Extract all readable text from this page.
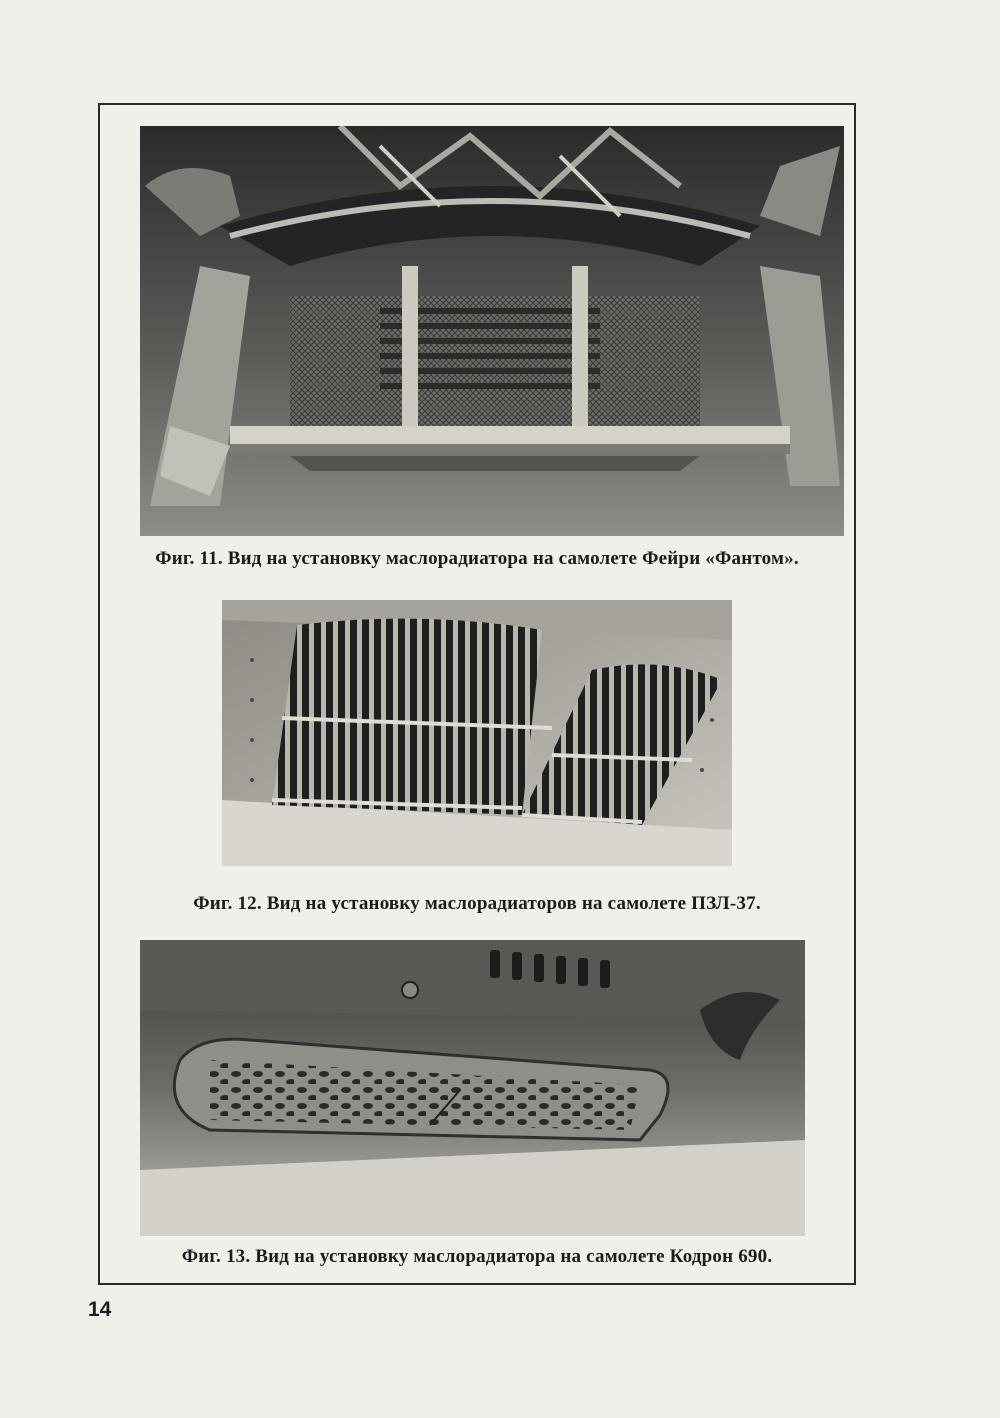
Фиг. 11. Вид на установку маслорадиатора на самолете Фейри «Фантом».
Фиг. 12. Вид на установку маслорадиаторов на самолете ПЗЛ-37.
Фиг. 13. Вид на установку маслорадиатора на самолете Кодрон 690.
14
